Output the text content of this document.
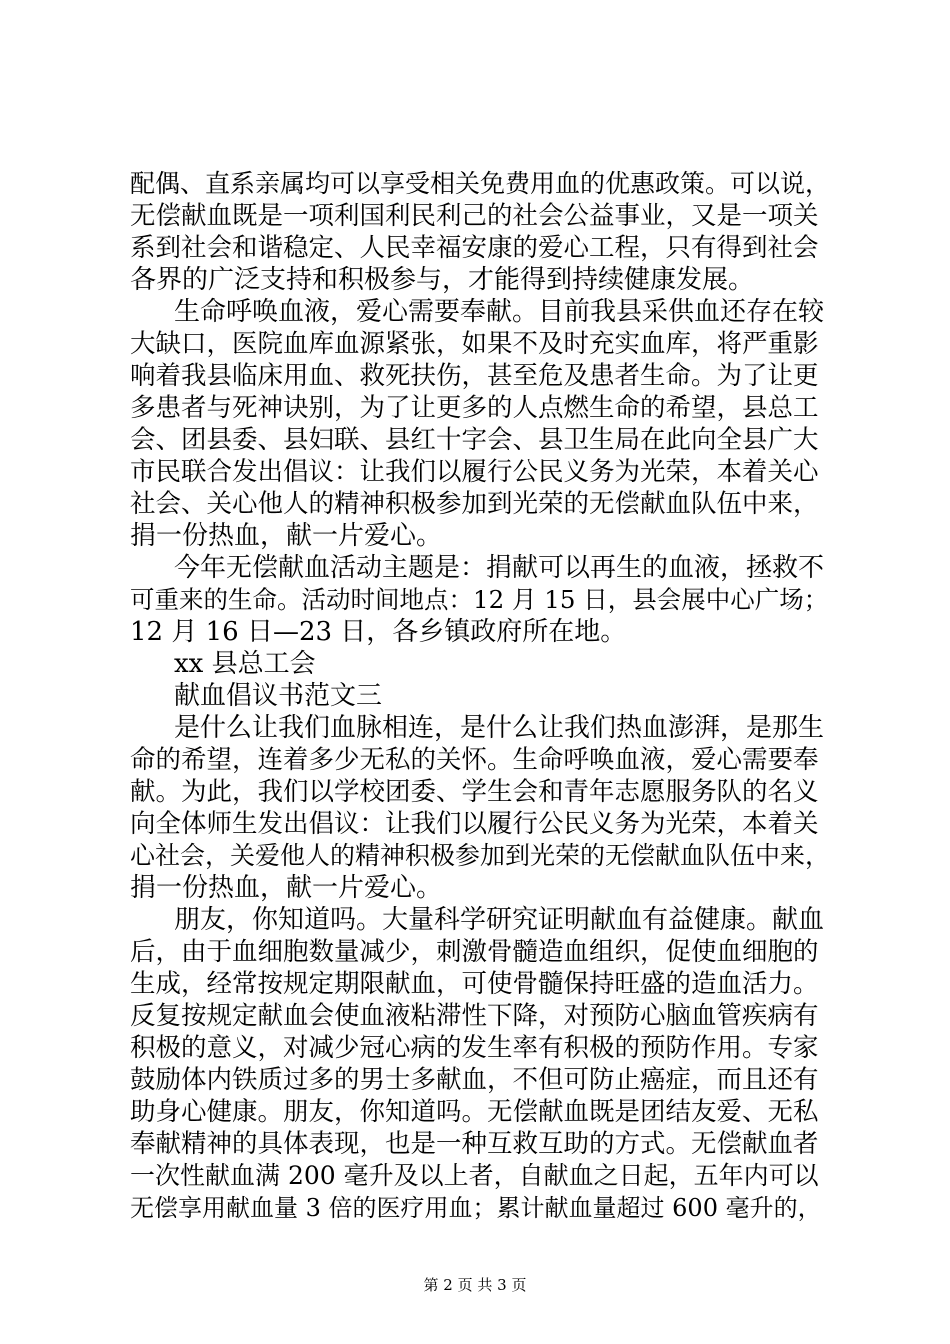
配偶、直系亲属均可以享受相关免费用血的优惠政策。可以说，
无偿献血既是一项利国利民利己的社会公益事业，又是一项关
系到社会和谐稳定、人民幸福安康的爱心工程，只有得到社会
各界的广泛支持和积极参与，才能得到持续健康发展。
生命呼唤血液，爱心需要奉献。目前我县采供血还存在较
大缺口，医院血库血源紧张，如果不及时充实血库，将严重影
响着我县临床用血、救死扶伤，甚至危及患者生命。为了让更
多患者与死神诀别，为了让更多的人点燃生命的希望，县总工
会、团县委、县妇联、县红十字会、县卫生局在此向全县广大
市民联合发出倡议：让我们以履行公民义务为光荣，本着关心
社会、关心他人的精神积极参加到光荣的无偿献血队伍中来，
捐一份热血，献一片爱心。
今年无偿献血活动主题是：捐献可以再生的血液，拯救不
可重来的生命。活动时间地点：12 月 15 日，县会展中心广场；
12 月 16 日—23 日，各乡镇政府所在地。
xx 县总工会
献血倡议书范文三
是什么让我们血脉相连，是什么让我们热血澎湃，是那生
命的希望，连着多少无私的关怀。生命呼唤血液，爱心需要奉
献。为此，我们以学校团委、学生会和青年志愿服务队的名义
向全体师生发出倡议：让我们以履行公民义务为光荣，本着关
心社会，关爱他人的精神积极参加到光荣的无偿献血队伍中来，
捐一份热血，献一片爱心。
朋友，你知道吗。大量科学研究证明献血有益健康。献血
后，由于血细胞数量减少，刺激骨髓造血组织，促使血细胞的
生成，经常按规定期限献血，可使骨髓保持旺盛的造血活力。
反复按规定献血会使血液粘滞性下降，对预防心脑血管疾病有
积极的意义，对减少冠心病的发生率有积极的预防作用。专家
鼓励体内铁质过多的男士多献血，不但可防止癌症，而且还有
助身心健康。朋友，你知道吗。无偿献血既是团结友爱、无私
奉献精神的具体表现，也是一种互救互助的方式。无偿献血者
一次性献血满 200 毫升及以上者，自献血之日起，五年内可以
无偿享用献血量 3 倍的医疗用血；累计献血量超过 600 毫升的，
第 2 页 共 3 页
